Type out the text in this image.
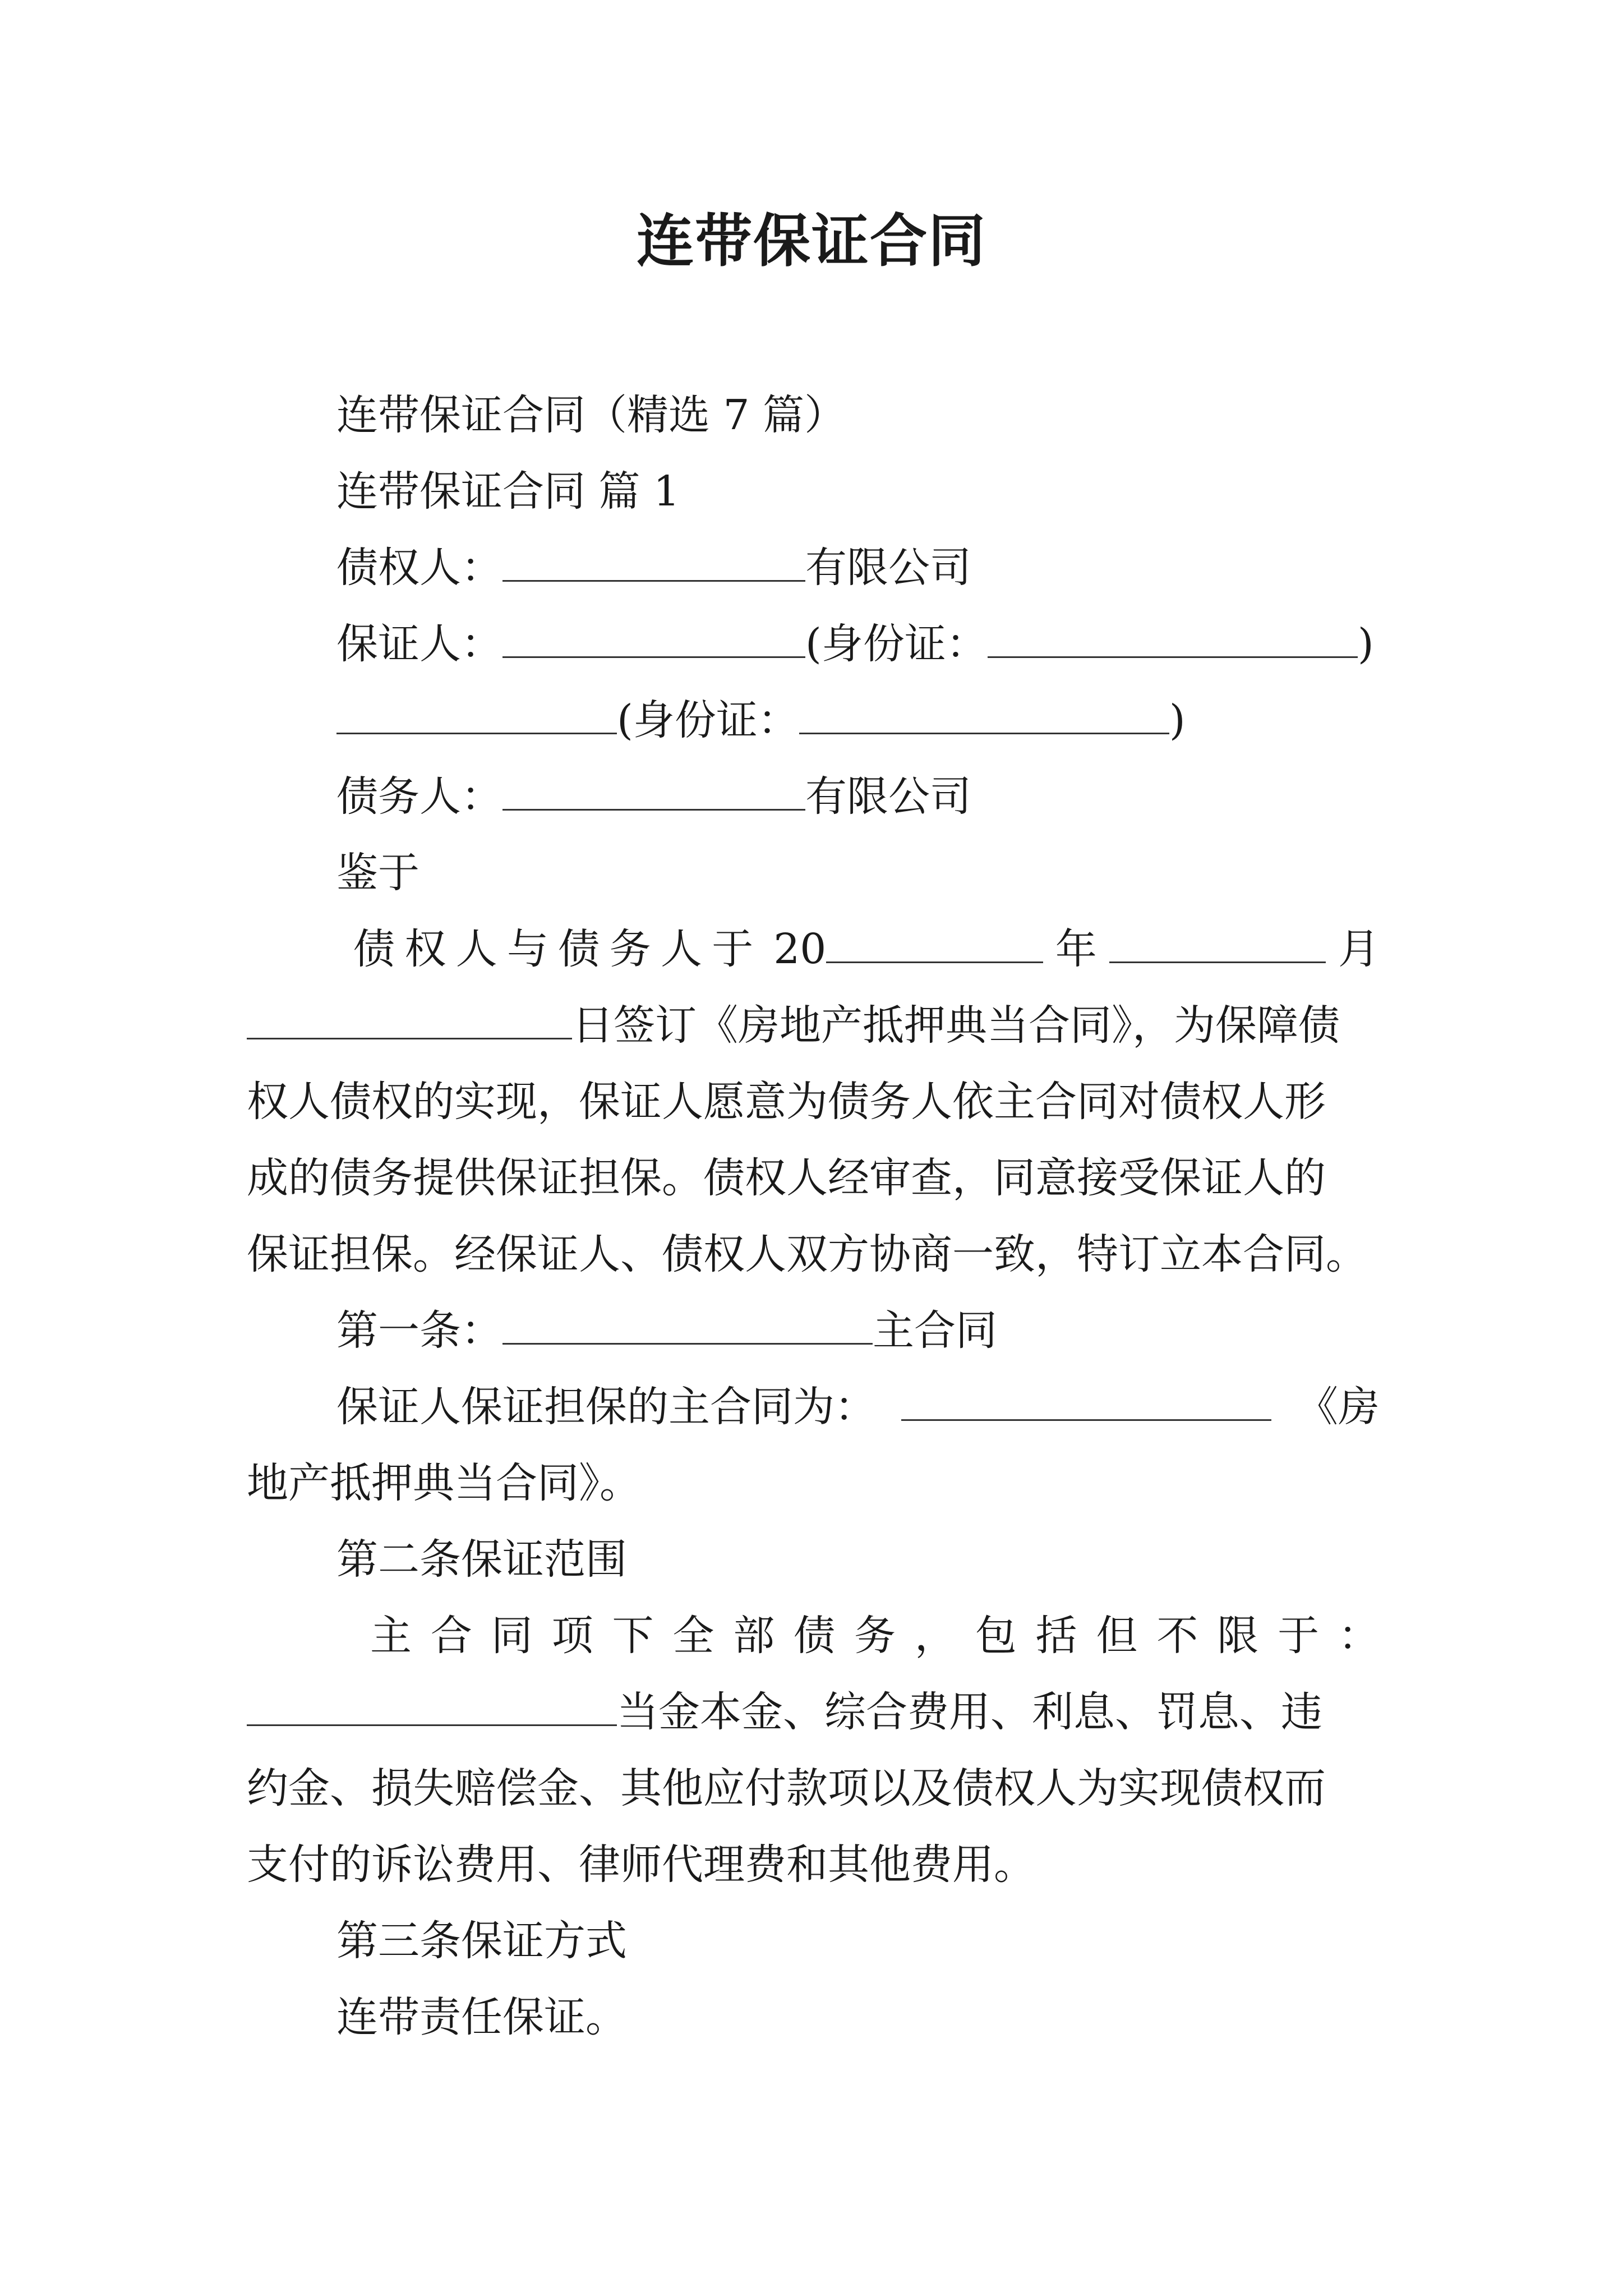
连带保证合同
连带保证合同（精选 7 篇）
连带保证合同 篇 1
债权人：	有限公司
保证人：	(身份证：	)
(身份证：	)
债务人：	有限公司
鉴于
债 权 人 与 债 务 人 于 20	年	月
日签订《房地产抵押典当合同》，为保障债
权人债权的实现，保证人愿意为债务人依主合同对债权人形
成的债务提供保证担保。债权人经审查，同意接受保证人的
保证担保。经保证人、债权人双方协商一致，特订立本合同。
第一条：	主合同
保证人保证担保的主合同为：	《房
地产抵押典当合同》。
第二条保证范围
主 合 同 项 下 全 部 债 务 ， 包 括 但 不 限 于 ：
当金本金、综合费用、利息、罚息、违
约金、损失赔偿金、其他应付款项以及债权人为实现债权而
支付的诉讼费用、律师代理费和其他费用。
第三条保证方式
连带责任保证。
